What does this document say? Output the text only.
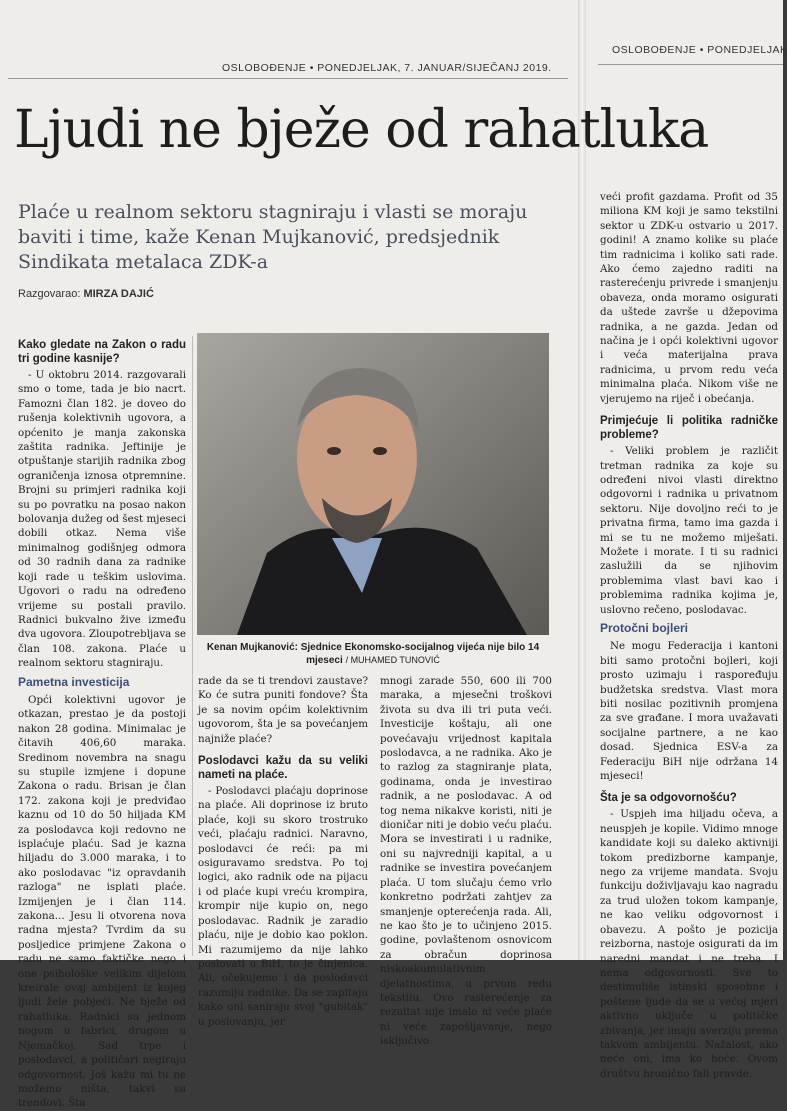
OSLOBOĐENJE • PONEDJELJAK, 7. JANUAR/SIJEČANJ 2019.
OSLOBOĐENJE • PONEDJELJAK
Ljudi ne bježe od rahatluka
Plaće u realnom sektoru stagniraju i vlasti se moraju baviti i time, kaže Kenan Mujkanović, predsjednik Sindikata metalaca ZDK-a
Razgovarao: MIRZA DAJIĆ
Kako gledate na Zakon o radu tri godine kasnije?

- U oktobru 2014. razgovarali smo o tome, tada je bio nacrt. Famozni član 182. je doveo do rušenja kolektivnih ugovora, a općenito je manja zakonska zaštita radnika. Jeftinije je otpuštanje starijih radnika zbog ograničenja iznosa otpremnine. Brojni su primjeri radnika koji su po povratku na posao nakon bolovanja dužeg od šest mjeseci dobili otkaz. Nema više minimalnog godišnjeg odmora od 30 radnih dana za radnike koji rade u teškim uslovima. Ugovori o radu na određeno vrijeme su postali pravilo. Radnici bukvalno žive između dva ugovora. Zloupotrebljava se član 108. zakona. Plaće u realnom sektoru stagniraju.

Pametna investicija

Opći kolektivni ugovor je otkazan, prestao je da postoji nakon 28 godina. Minimalac je čitavih 406,60 maraka. Sredinom novembra na snagu su stupile izmjene i dopune Zakona o radu. Brisan je član 172. zakona koji je predviđao kaznu od 10 do 50 hiljada KM za poslodavca koji redovno ne isplaćuje plaću. Sad je kazna hiljadu do 3.000 maraka, i to ako poslodavac "iz opravdanih razloga" ne isplati plaće. Izmijenjen je i član 114. zakona... Jesu li otvorena nova radna mjesta? Tvrdim da su posljedice primjene Zakona o radu ne samo faktičke nego i one psihološke velikim dijelom kreirale ovaj ambijent iz kojeg ljudi žele pobjeći. Ne bježe od rahatluka. Radnici su jednom nogom u fabrici, drugom u Njemačkoj. Sad trpe i poslodavci, a političari negiraju odgovornost. Još kažu mi tu ne možemo ništa, takvi su trendovi. Šta

Kenan Mujkanović: Sjednice Ekonomsko-socijalnog vijeća nije bilo 14 mjeseci / MUHAMED TUNOVIĆ

rade da se ti trendovi zaustave? Ko će sutra puniti fondove? Šta je sa novim općim kolektivnim ugovorom, šta je sa povećanjem najniže plaće?

Poslodavci kažu da su veliki nameti na plaće.

- Poslodavci plaćaju doprinose na plaće. Ali doprinose iz bruto plaće, koji su skoro trostruko veći, plaćaju radnici. Naravno, poslodavci će reći: pa mi osiguravamo sredstva. Po toj logici, ako radnik ode na pijacu i od plaće kupi vreću krompira, krompir nije kupio on, nego poslodavac. Radnik je zaradio plaću, nije je dobio kao poklon. Mi razumijemo da nije lahko poslovati u BiH, to je činjenica. Ali, očekujemo i da poslodavci razumiju radnike. Da se zapitaju kako oni saniraju svoj "gubitak" u poslovanju, jer

mnogi zarade 550, 600 ili 700 maraka, a mjesečni troškovi života su dva ili tri puta veći. Investicije koštaju, ali one povećavaju vrijednost kapitala poslodavca, a ne radnika. Ako je to razlog za stagniranje plata, godinama, onda je investirao radnik, a ne poslodavac. A od tog nema nikakve koristi, niti je dioničar niti je dobio veću plaću. Mora se investirati i u radnike, oni su najvredniji kapital, a u radnike se investira povećanjem plaća. U tom slučaju ćemo vrlo konkretno podržati zahtjev za smanjenje opterećenja rada. Ali, ne kao što je to učinjeno 2015. godine, povlaštenom osnovicom za obračun doprinosa niskoakumulativnim djelatnostima, u prvom redu tekstilu. Ovo rasterećenje za rezultat nije imalo ni veće plaće ni veće zapošljavanje, nego isključivo

veći profit gazdama. Profit od 35 miliona KM koji je samo tekstilni sektor u ZDK-u ostvario u 2017. godini! A znamo kolike su plaće tim radnicima i koliko sati rade. Ako ćemo zajedno raditi na rasterećenju privrede i smanjenju obaveza, onda moramo osigurati da uštede završe u džepovima radnika, a ne gazda. Jedan od načina je i opći kolektivni ugovor i veća materijalna prava radnicima, u prvom redu veća minimalna plaća. Nikom više ne vjerujemo na riječ i obećanja.

Primjećuje li politika radničke probleme?

- Veliki problem je različit tretman radnika za koje su određeni nivoi vlasti direktno odgovorni i radnika u privatnom sektoru. Nije dovoljno reći to je privatna firma, tamo ima gazda i mi se tu ne možemo miješati. Možete i morate. I ti su radnici zaslužili da se njihovim problemima vlast bavi kao i problemima radnika kojima je, uslovno rečeno, poslodavac.

Protočni bojleri

Ne mogu Federacija i kantoni biti samo protočni bojleri, koji prosto uzimaju i raspoređuju budžetska sredstva. Vlast mora biti nosilac pozitivnih promjena za sve građane. I mora uvažavati socijalne partnere, a ne kao dosad. Sjednica ESV-a za Federaciju BiH nije održana 14 mjeseci!

Šta je sa odgovornošću?

- Uspjeh ima hiljadu očeva, a neuspjeh je kopile. Vidimo mnoge kandidate koji su daleko aktivniji tokom predizborne kampanje, nego za vrijeme mandata. Svoju funkciju doživljavaju kao nagradu za trud uložen tokom kampanje, ne kao veliku odgovornost i obavezu. A pošto je pozicija reizborna, nastoje osigurati da im naredni mandat i ne treba. I nema odgovornosti. Sve to destimuliše istinski sposobne i poštene ljude da se u većoj mjeri aktivno uključe u političke zbivanja, jer imaju averziju prema takvom ambijentu. Nažalost, ako neće oni, ima ko hoće. Ovom društvu hronično fali pravde.
